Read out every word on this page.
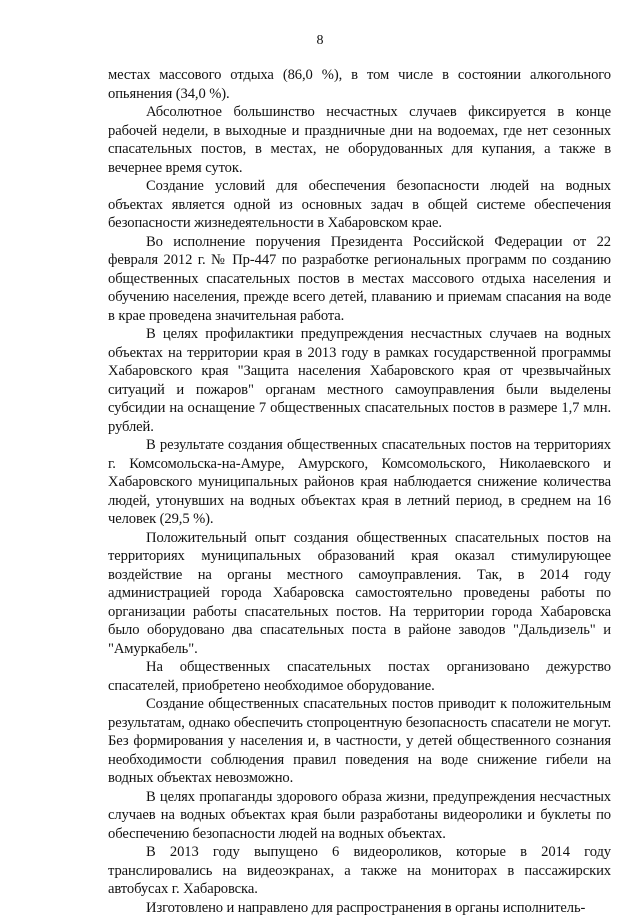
8

местах массового отдыха (86,0 %), в том числе в состоянии алкогольного опьянения (34,0 %).

Абсолютное большинство несчастных случаев фиксируется в конце рабочей недели, в выходные и праздничные дни на водоемах, где нет сезонных спасательных постов, в местах, не оборудованных для купания, а также в вечернее время суток.

Создание условий для обеспечения безопасности людей на водных объектах является одной из основных задач в общей системе обеспечения безопасности жизнедеятельности в Хабаровском крае.

Во исполнение поручения Президента Российской Федерации от 22 февраля 2012 г. № Пр-447 по разработке региональных программ по созданию общественных спасательных постов в местах массового отдыха населения и обучению населения, прежде всего детей, плаванию и приемам спасания на воде в крае проведена значительная работа.

В целях профилактики предупреждения несчастных случаев на водных объектах на территории края в 2013 году в рамках государственной программы Хабаровского края "Защита населения Хабаровского края от чрезвычайных ситуаций и пожаров" органам местного самоуправления были выделены субсидии на оснащение 7 общественных спасательных постов в размере 1,7 млн. рублей.

В результате создания общественных спасательных постов на территориях г. Комсомольска-на-Амуре, Амурского, Комсомольского, Николаевского и Хабаровского муниципальных районов края наблюдается снижение количества людей, утонувших на водных объектах края в летний период, в среднем на 16 человек (29,5 %).

Положительный опыт создания общественных спасательных постов на территориях муниципальных образований края оказал стимулирующее воздействие на органы местного самоуправления. Так, в 2014 году администрацией города Хабаровска самостоятельно проведены работы по организации работы спасательных постов. На территории города Хабаровска было оборудовано два спасательных поста в районе заводов "Дальдизель" и "Амуркабель".

На общественных спасательных постах организовано дежурство спасателей, приобретено необходимое оборудование.

Создание общественных спасательных постов приводит к положительным результатам, однако обеспечить стопроцентную безопасность спасатели не могут. Без формирования у населения и, в частности, у детей общественного сознания необходимости соблюдения правил поведения на воде снижение гибели на водных объектах невозможно.

В целях пропаганды здорового образа жизни, предупреждения несчастных случаев на водных объектах края были разработаны видеоролики и буклеты по обеспечению безопасности людей на водных объектах.

В 2013 году выпущено 6 видеороликов, которые в 2014 году транслировались на видеоэкранах, а также на мониторах в пассажирских автобусах г. Хабаровска.

Изготовлено и направлено для распространения в органы исполнитель-
